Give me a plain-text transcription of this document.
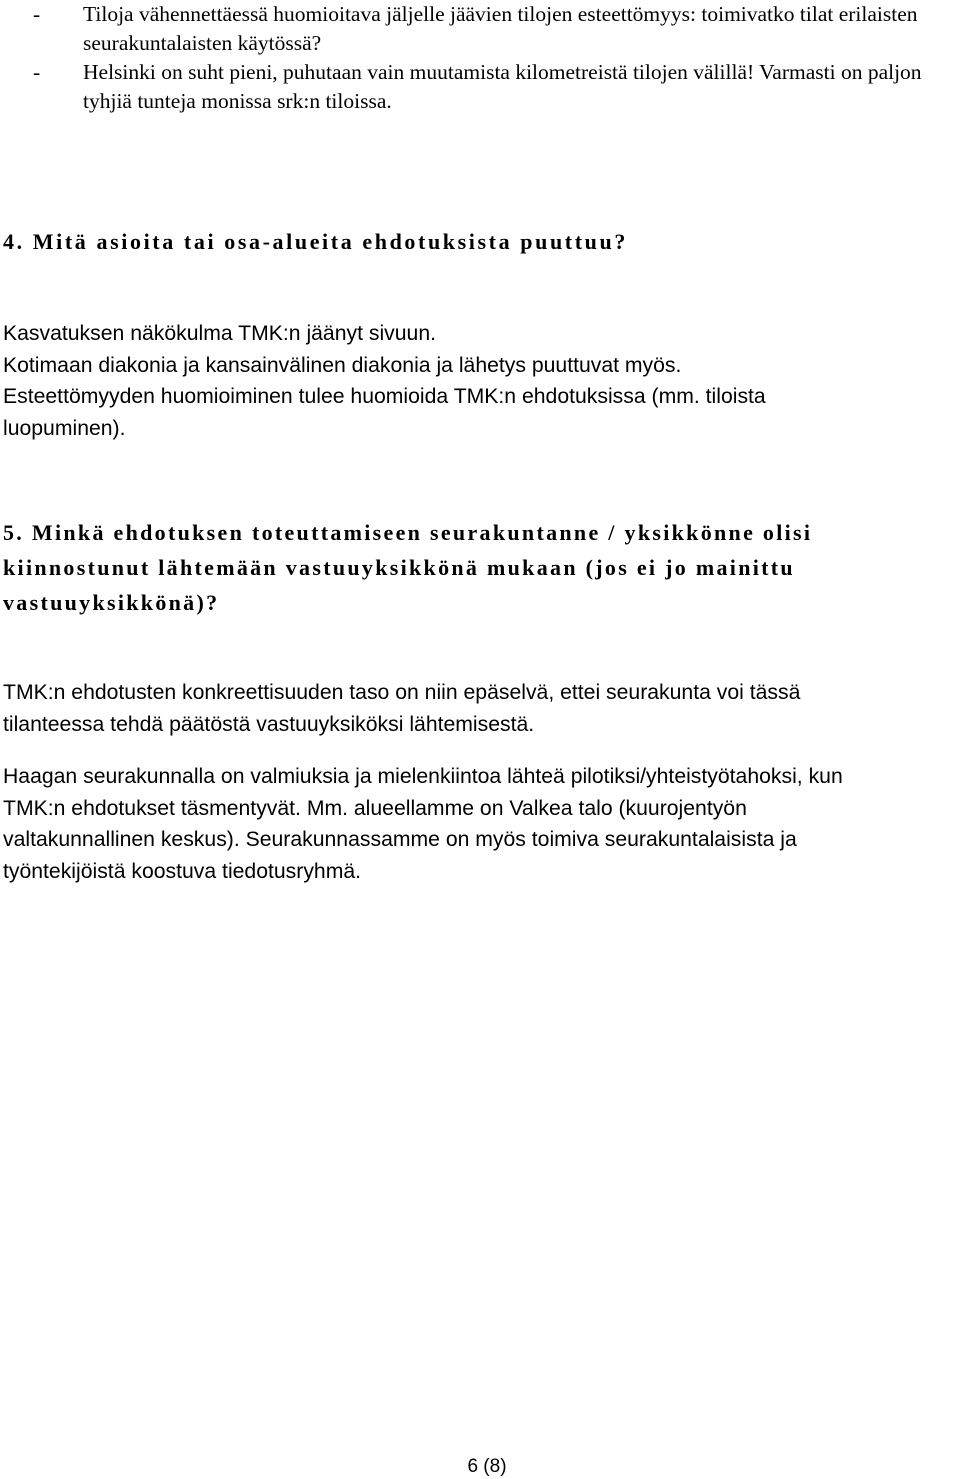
- Tiloja vähennettäessä huomioitava jäljelle jäävien tilojen esteettömyys: toimivatko tilat erilaisten seurakuntalaisten käytössä?
- Helsinki on suht pieni, puhutaan vain muutamista kilometreistä tilojen välillä! Varmasti on paljon tyhjiä tunteja monissa srk:n tiloissa.
4. Mitä asioita tai osa-alueita ehdotuksista puuttuu?

Kasvatuksen näkökulma TMK:n jäänyt sivuun.
Kotimaan diakonia ja kansainvälinen diakonia ja lähetys puuttuvat myös.
Esteettömyyden huomioiminen tulee huomioida TMK:n ehdotuksissa (mm. tiloista
luopuminen).

5. Minkä ehdotuksen toteuttamiseen seurakuntanne / yksikkönne olisi kiinnostunut lähtemään vastuuyksikkönä mukaan (jos ei jo mainittu vastuuyksikkönä)?

TMK:n ehdotusten konkreettisuuden taso on niin epäselvä, ettei seurakunta voi tässä
tilanteessa tehdä päätöstä vastuuyksiköksi lähtemisestä.

Haagan seurakunnalla on valmiuksia ja mielenkiintoa lähteä pilotiksi/yhteistyötahoksi, kun
TMK:n ehdotukset täsmentyvät. Mm. alueellamme on Valkea talo (kuurojentyön
valtakunnallinen keskus). Seurakunnassamme on myös toimiva seurakuntalaisista ja
työntekijöistä koostuva tiedotusryhmä.

6 (8)
